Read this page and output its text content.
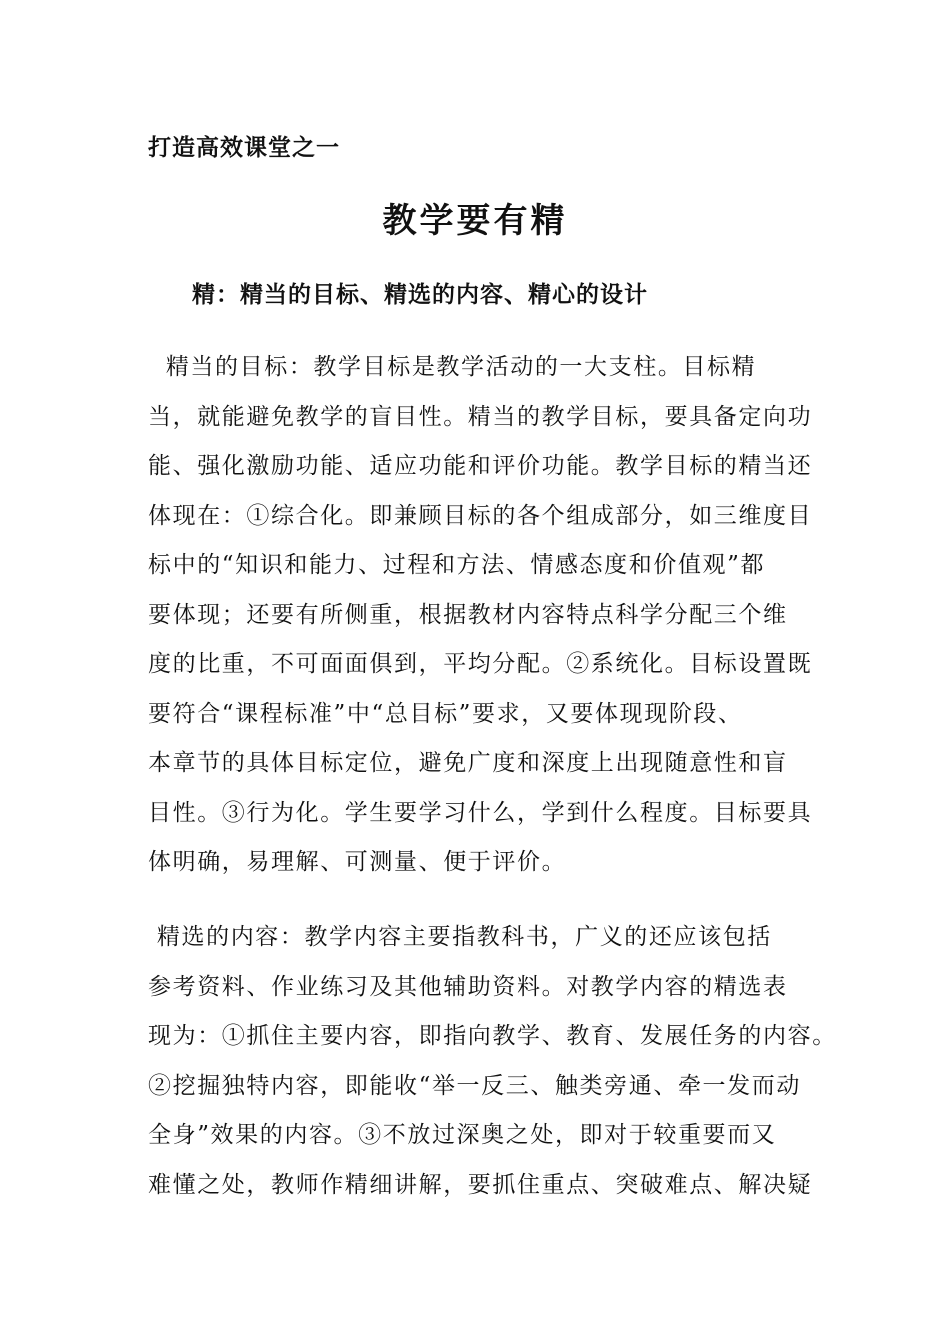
打造高效课堂之一
教学要有精
精：精当的目标、精选的内容、精心的设计
精当的目标：教学目标是教学活动的一大支柱。目标精
当，就能避免教学的盲目性。精当的教学目标，要具备定向功
能、强化激励功能、适应功能和评价功能。教学目标的精当还
体现在：①综合化。即兼顾目标的各个组成部分，如三维度目
标中的“知识和能力、过程和方法、情感态度和价值观”都
要体现；还要有所侧重，根据教材内容特点科学分配三个维
度的比重，不可面面俱到，平均分配。②系统化。目标设置既
要符合“课程标准”中“总目标”要求，又要体现现阶段、
本章节的具体目标定位，避免广度和深度上出现随意性和盲
目性。③行为化。学生要学习什么，学到什么程度。目标要具
体明确，易理解、可测量、便于评价。
精选的内容：教学内容主要指教科书，广义的还应该包括
参考资料、作业练习及其他辅助资料。对教学内容的精选表
现为：①抓住主要内容，即指向教学、教育、发展任务的内容。
②挖掘独特内容，即能收“举一反三、触类旁通、牵一发而动
全身”效果的内容。③不放过深奥之处，即对于较重要而又
难懂之处，教师作精细讲解，要抓住重点、突破难点、解决疑
